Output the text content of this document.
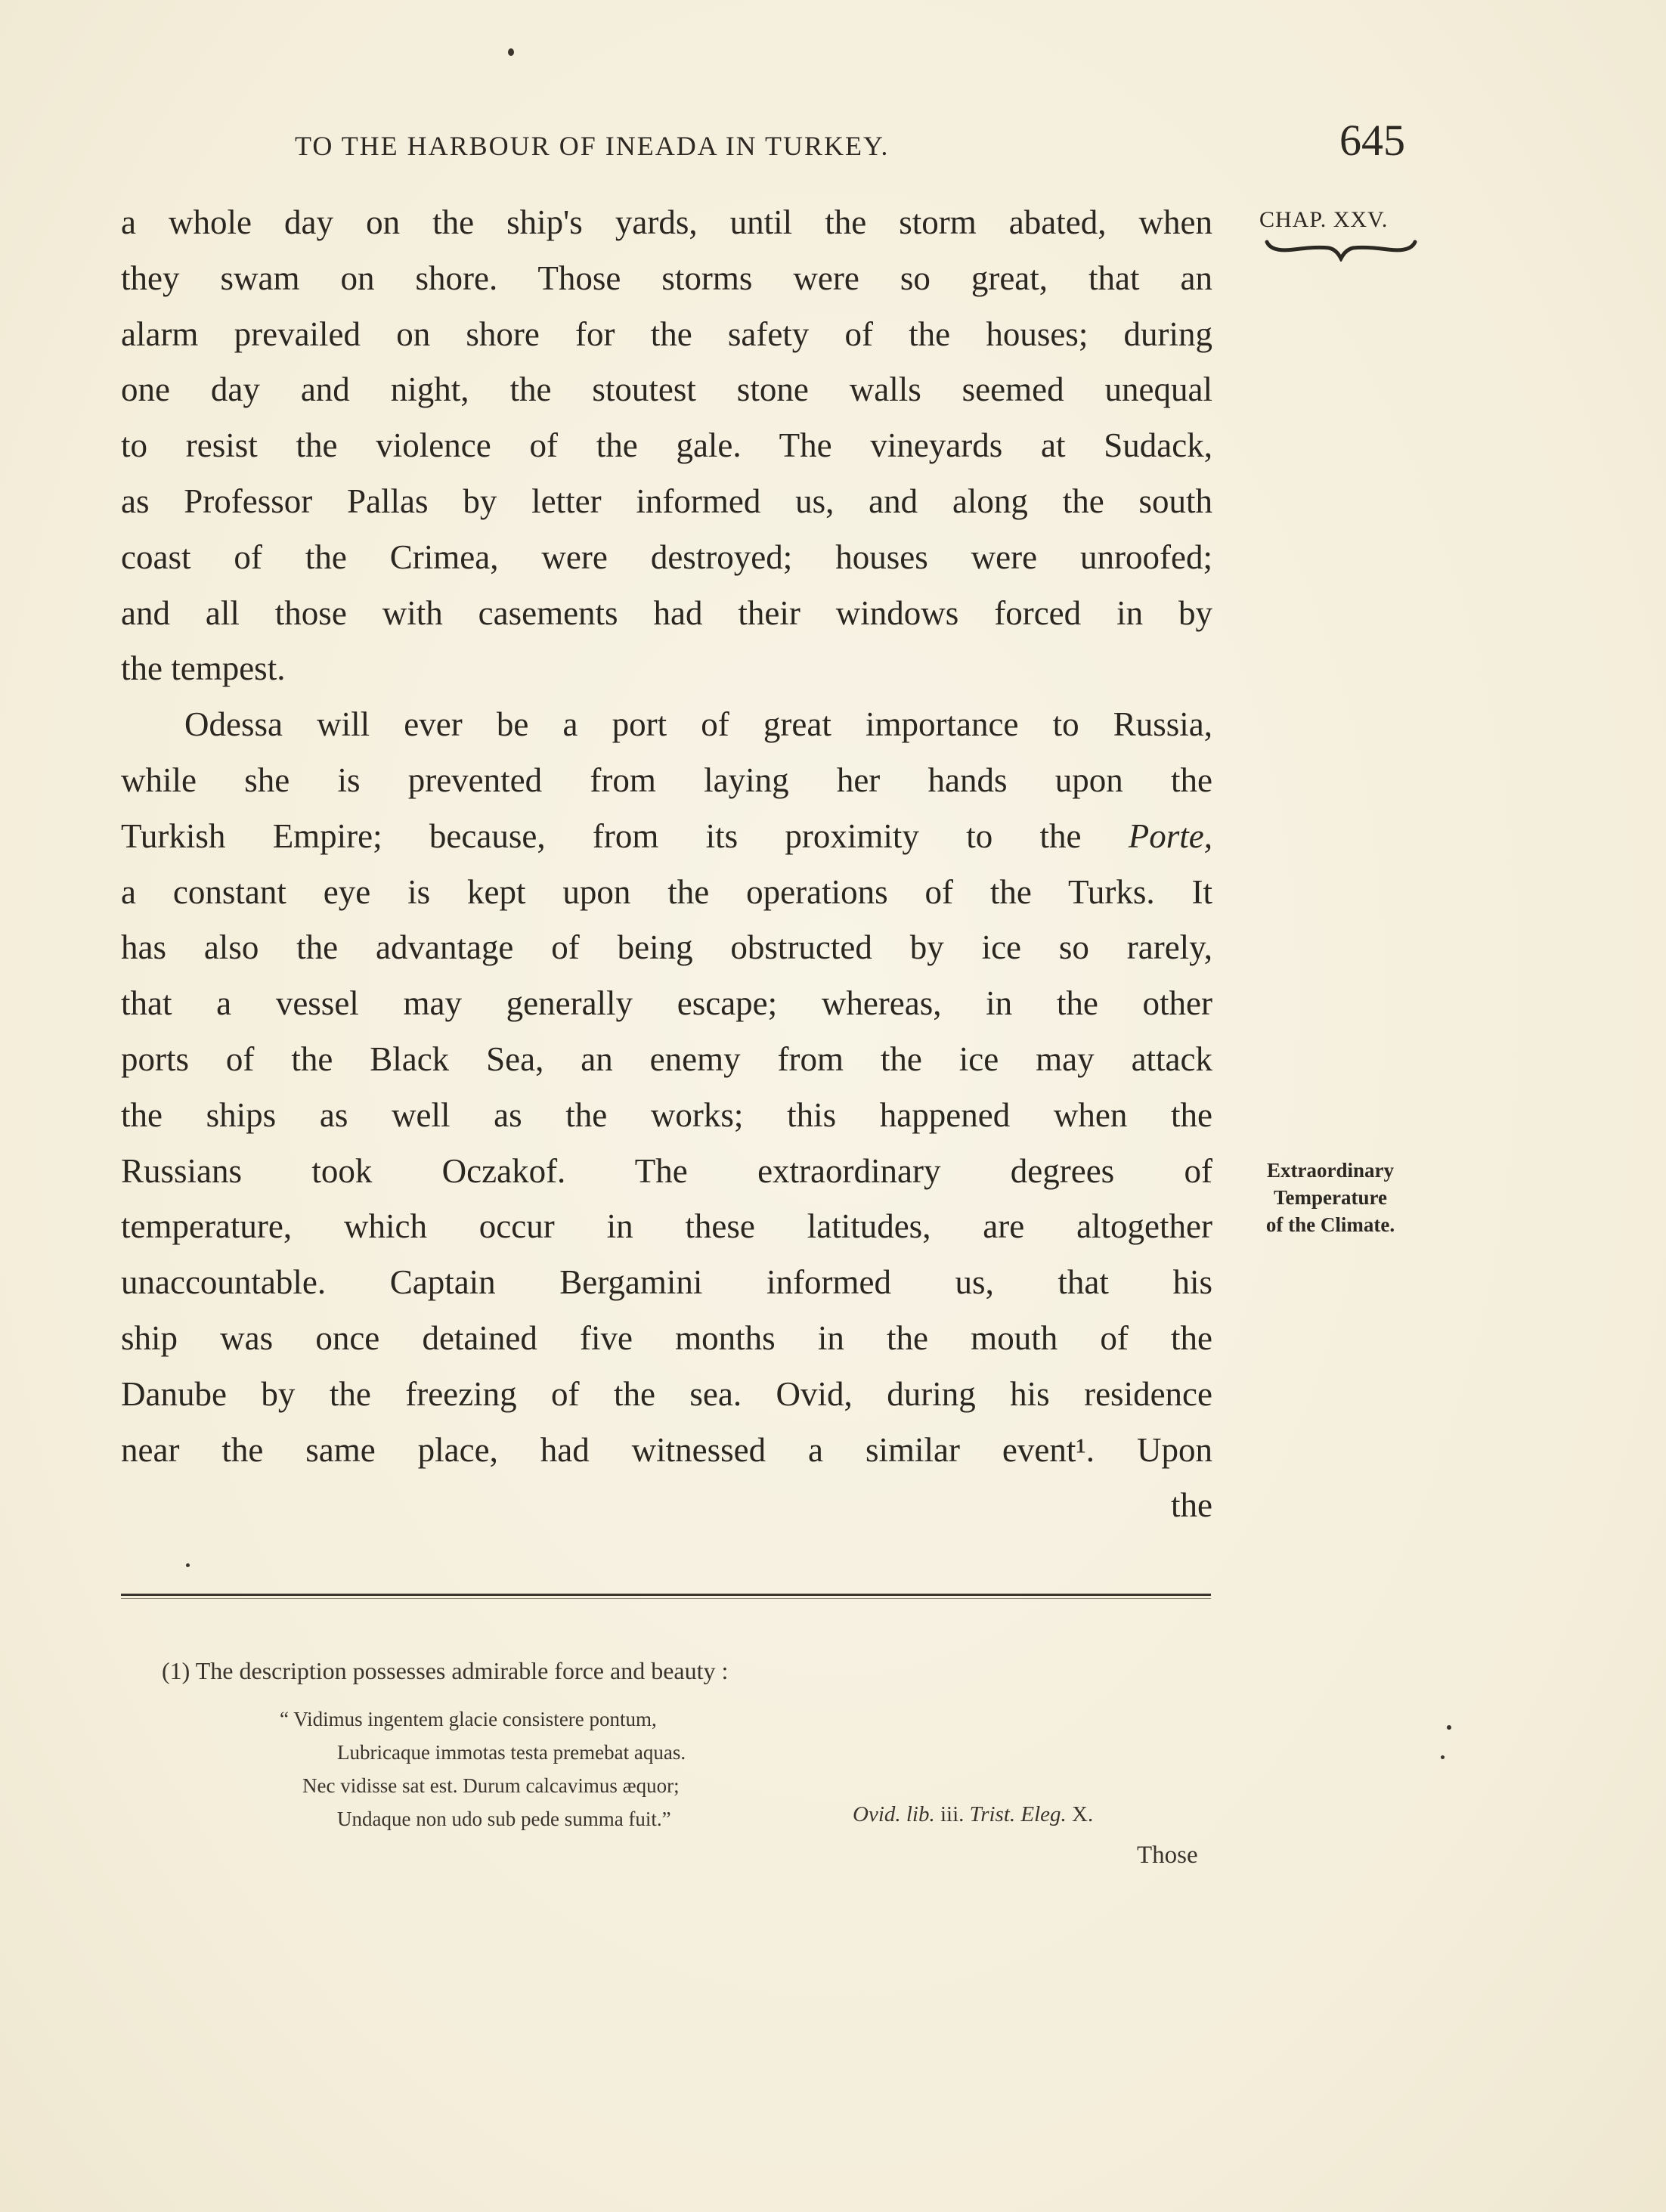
TO THE HARBOUR OF INEADA IN TURKEY.	645
CHAP. XXV.
a whole day on the ship's yards, until the storm abated, when
they swam on shore. Those storms were so great, that an
alarm prevailed on shore for the safety of the houses; during
one day and night, the stoutest stone walls seemed unequal
to resist the violence of the gale. The vineyards at Sudack,
as Professor Pallas by letter informed us, and along the south
coast of the Crimea, were destroyed; houses were unroofed;
and all those with casements had their windows forced in by
the tempest.
Odessa will ever be a port of great importance to Russia,
while she is prevented from laying her hands upon the
Turkish Empire; because, from its proximity to the Porte,
a constant eye is kept upon the operations of the Turks. It
has also the advantage of being obstructed by ice so rarely,
that a vessel may generally escape; whereas, in the other
ports of the Black Sea, an enemy from the ice may attack
the ships as well as the works; this happened when the
Russians took Oczakof. The extraordinary degrees of
temperature, which occur in these latitudes, are altogether
unaccountable. Captain Bergamini informed us, that his
ship was once detained five months in the mouth of the
Danube by the freezing of the sea. Ovid, during his residence
near the same place, had witnessed a similar event¹. Upon
the
Extraordinary
Temperature
of the Climate.
(1) The description possesses admirable force and beauty :
“ Vidimus ingentem glacie consistere pontum,
Lubricaque immotas testa premebat aquas.
Nec vidisse sat est. Durum calcavimus æquor;
Undaque non udo sub pede summa fuit.”	Ovid. lib. iii. Trist. Eleg. X.
Those
